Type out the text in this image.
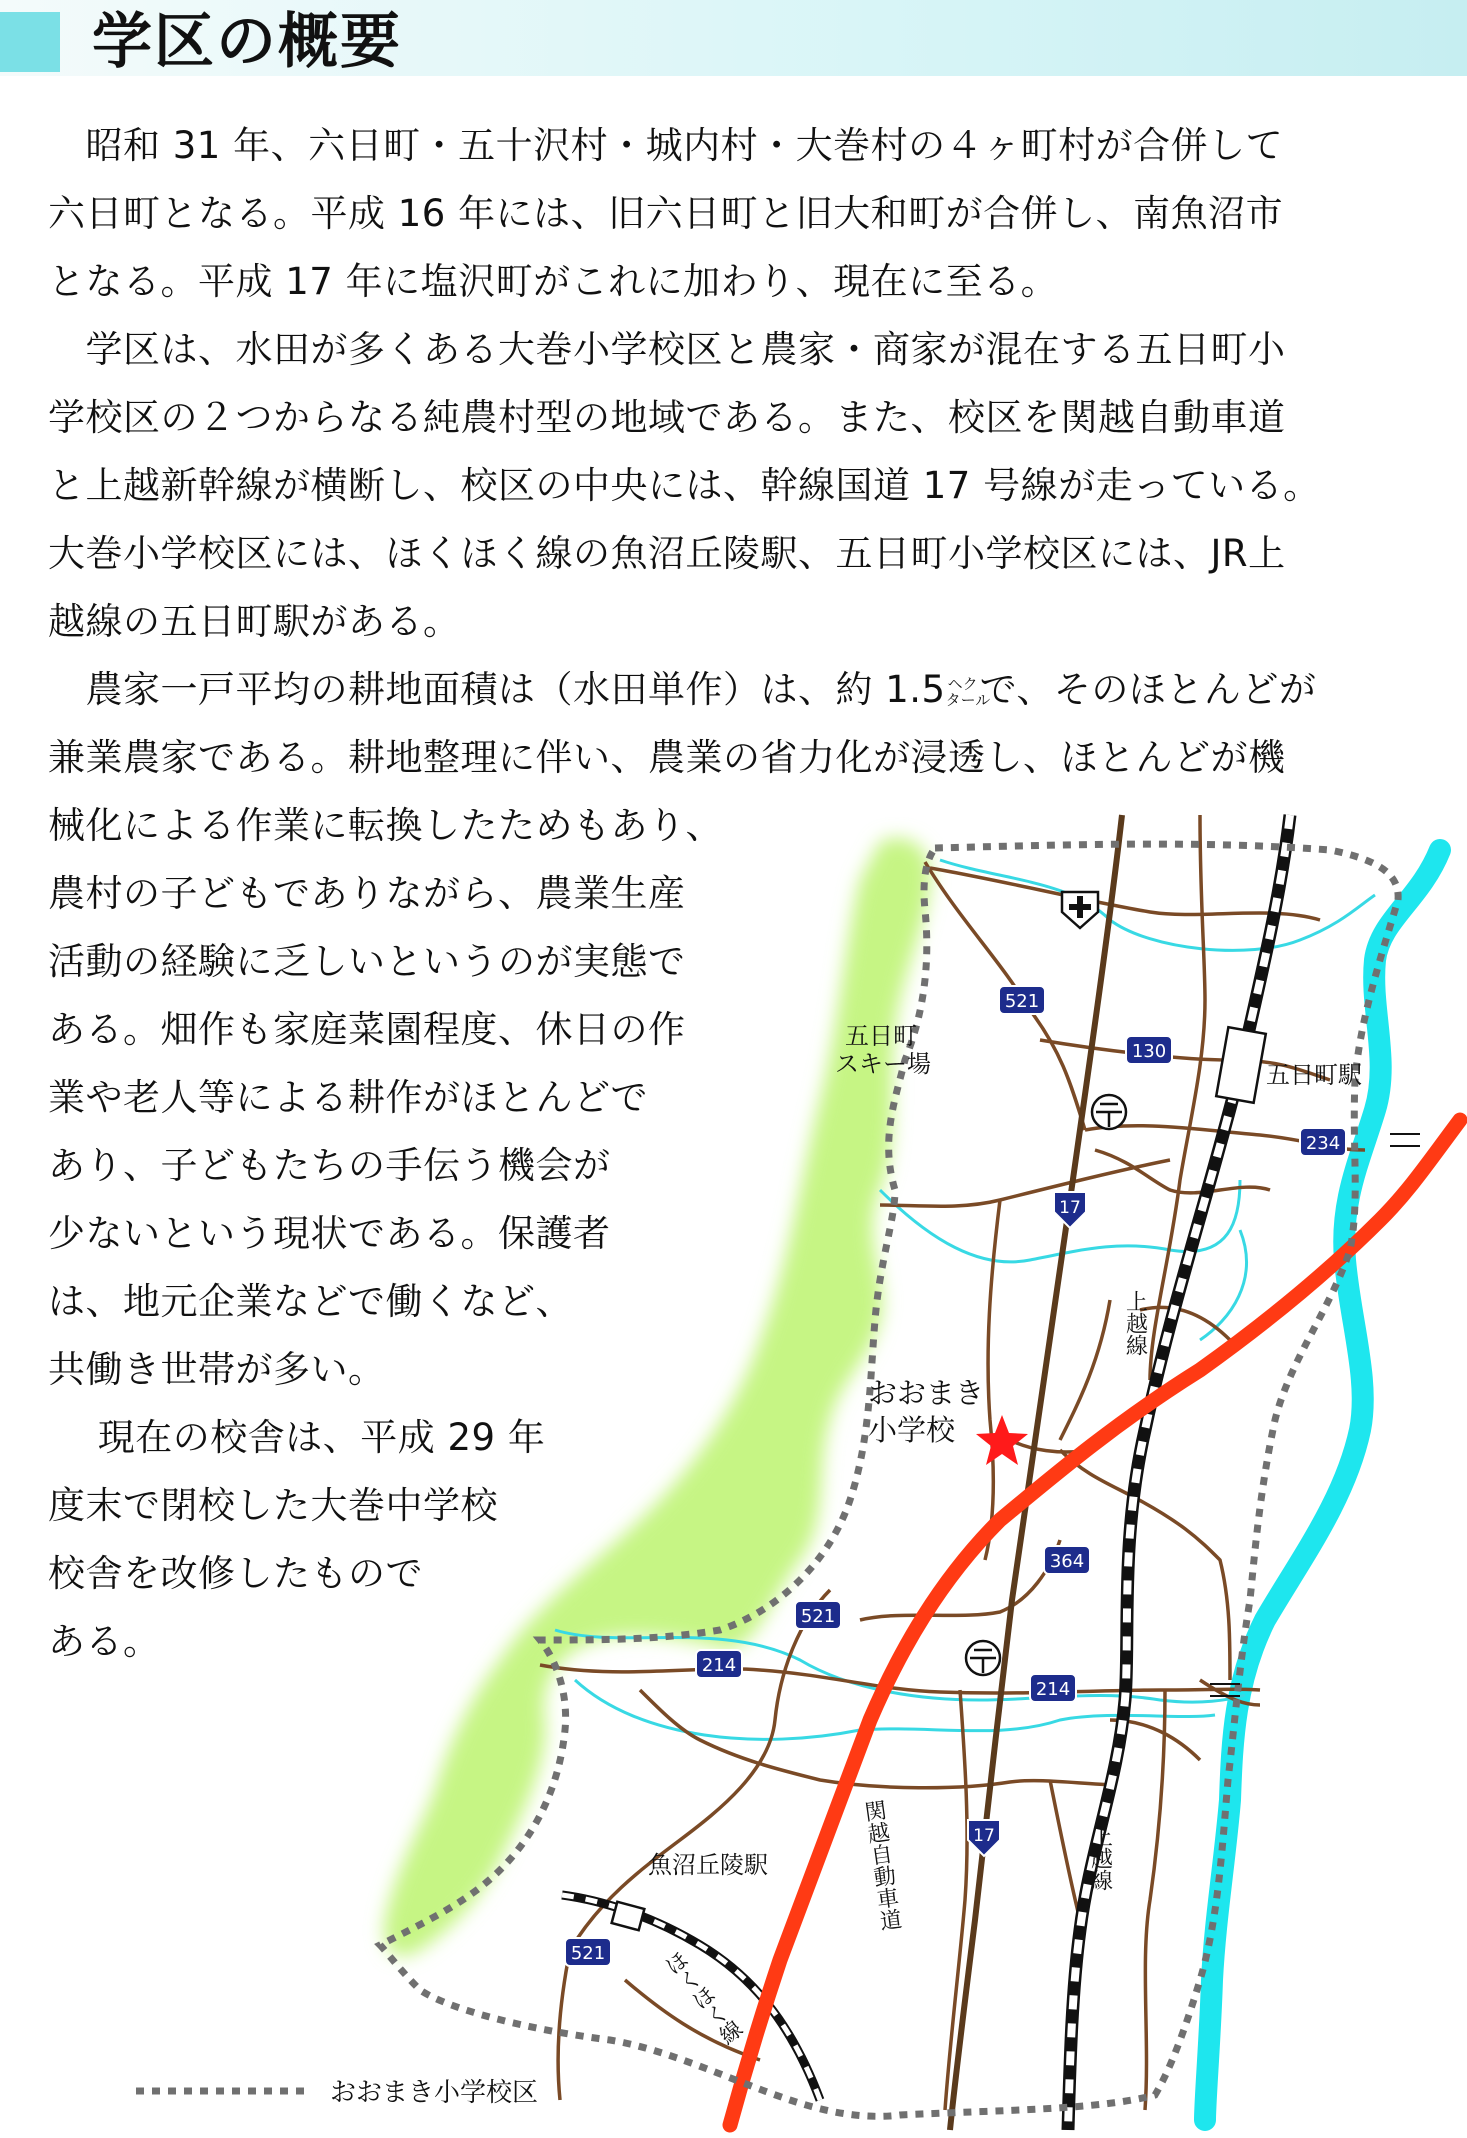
学区の概要
　昭和 31 年、六日町・五十沢村・城内村・大巻村の４ヶ町村が合併して
六日町となる。平成 16 年には、旧六日町と旧大和町が合併し、南魚沼市
となる。平成 17 年に塩沢町がこれに加わり、現在に至る。
　学区は、水田が多くある大巻小学校区と農家・商家が混在する五日町小
学校区の２つからなる純農村型の地域である。また、校区を関越自動車道
と上越新幹線が横断し、校区の中央には、幹線国道 17 号線が走っている。
大巻小学校区には、ほくほく線の魚沼丘陵駅、五日町小学校区には、JR上
越線の五日町駅がある。
　農家一戸平均の耕地面積は（水田単作）は、約 1.5 ヘク
タール
で、そのほとんどが
兼業農家である。耕地整理に伴い、農業の省力化が浸透し、ほとんどが機
械化による作業に転換したためもあり、
農村の子どもでありながら、農業生産
活動の経験に乏しいというのが実態で
ある。畑作も家庭菜園程度、休日の作
業や老人等による耕作がほとんどで
あり、子どもたちの手伝う機会が
少ないという現状である。保護者
は、地元企業などで働くなど、
共働き世帯が多い。
　 現在の校舎は、平成 29 年
度末で閉校した大巻中学校
校舎を改修したもので
ある。
おおまき小学校区
五日町
スキー場	五日町駅
魚沼丘陵駅
おおまき
小学校
上越線
上越線
関越自動車道
ほくほく線
521
130
234
17
364
521
214
214
17
521
